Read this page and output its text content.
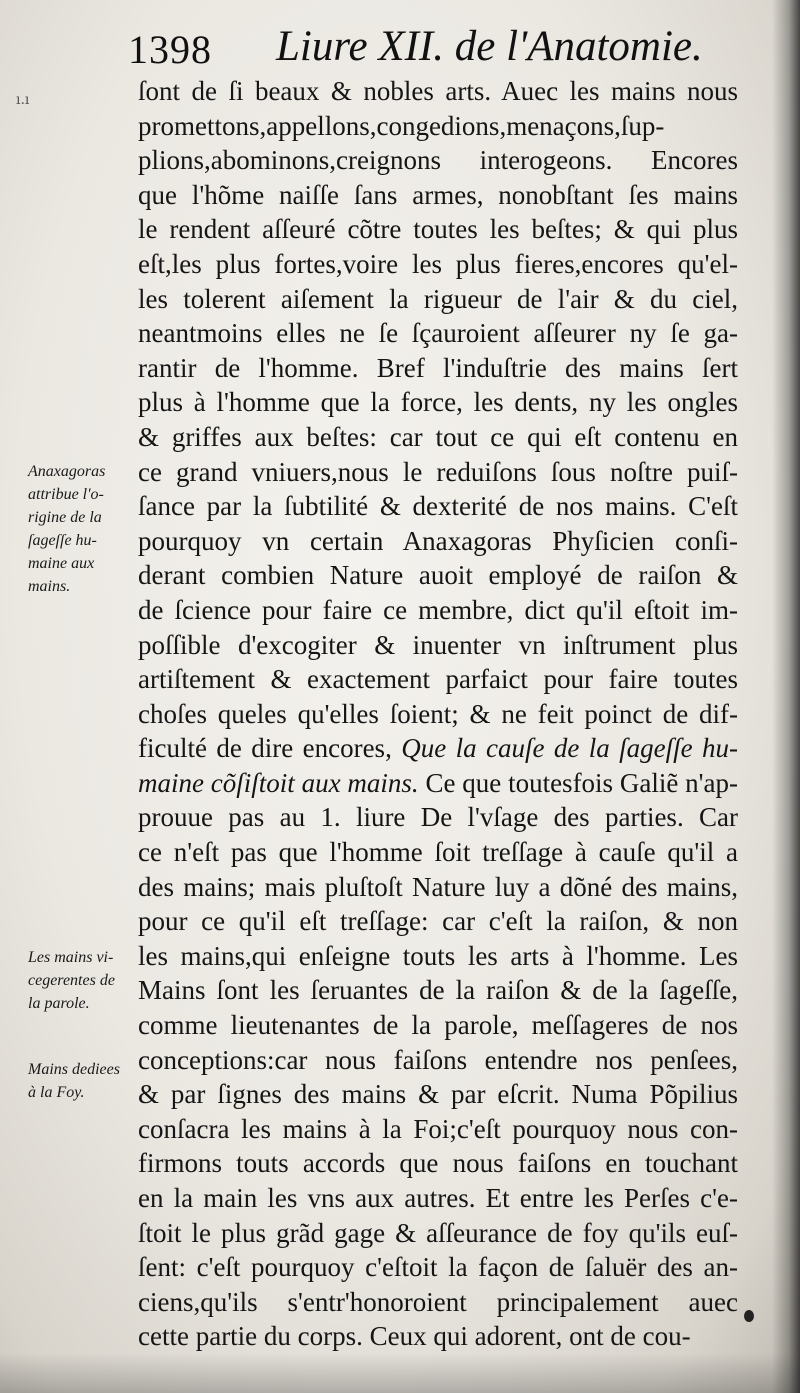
ı.ı
1398 Liure XII. de l'Anatomie.
ſont de ſi beaux & nobles arts. Auec les mains nous
promettons,appellons,congedions,menaçons,ſup-
plions,abominons,creignons interogeons. Encores
que l'hõme naiſſe ſans armes, nonobſtant ſes mains
le rendent aſſeuré cõtre toutes les beſtes; & qui plus
eſt,les plus fortes,voire les plus fieres,encores qu'el-
les tolerent aiſement la rigueur de l'air & du ciel,
neantmoins elles ne ſe ſçauroient aſſeurer ny ſe ga-
rantir de l'homme. Bref l'induſtrie des mains ſert
plus à l'homme que la force, les dents, ny les ongles
& griffes aux beſtes: car tout ce qui eſt contenu en
ce grand vniuers,nous le reduiſons ſous noſtre puiſ-
ſance par la ſubtilité & dexterité de nos mains. C'eſt
pourquoy vn certain Anaxagoras Phyſicien conſi-
derant combien Nature auoit employé de raiſon &
de ſcience pour faire ce membre, dict qu'il eſtoit im-
poſſible d'excogiter & inuenter vn inſtrument plus
artiſtement & exactement parfaict pour faire toutes
choſes queles qu'elles ſoient; & ne feit poinct de dif-
ficulté de dire encores, Que la cauſe de la ſageſſe hu-
maine cõſiſtoit aux mains. Ce que toutesfois Galiẽ n'ap-
prouue pas au 1. liure De l'vſage des parties. Car
ce n'eſt pas que l'homme ſoit treſſage à cauſe qu'il a
des mains; mais pluſtoſt Nature luy a dõné des mains,
pour ce qu'il eſt treſſage: car c'eſt la raiſon, & non
les mains,qui enſeigne touts les arts à l'homme. Les
Mains ſont les ſeruantes de la raiſon & de la ſageſſe,
comme lieutenantes de la parole, meſſageres de nos
conceptions:car nous faiſons entendre nos penſees,
& par ſignes des mains & par eſcrit. Numa Põpilius
conſacra les mains à la Foi;c'eſt pourquoy nous con-
firmons touts accords que nous faiſons en touchant
en la main les vns aux autres. Et entre les Perſes c'e-
ſtoit le plus grãd gage & aſſeurance de foy qu'ils euſ-
ſent: c'eſt pourquoy c'eſtoit la façon de ſaluër des an-
ciens,qu'ils s'entr'honoroient principalement auec
cette partie du corps. Ceux qui adorent, ont de cou-
Anaxagoras
attribue l'o-
rigine de la
ſageſſe hu-
maine aux
mains.
Les mains vi-
cegerentes de
la parole.
Mains dediees
à la Foy.
